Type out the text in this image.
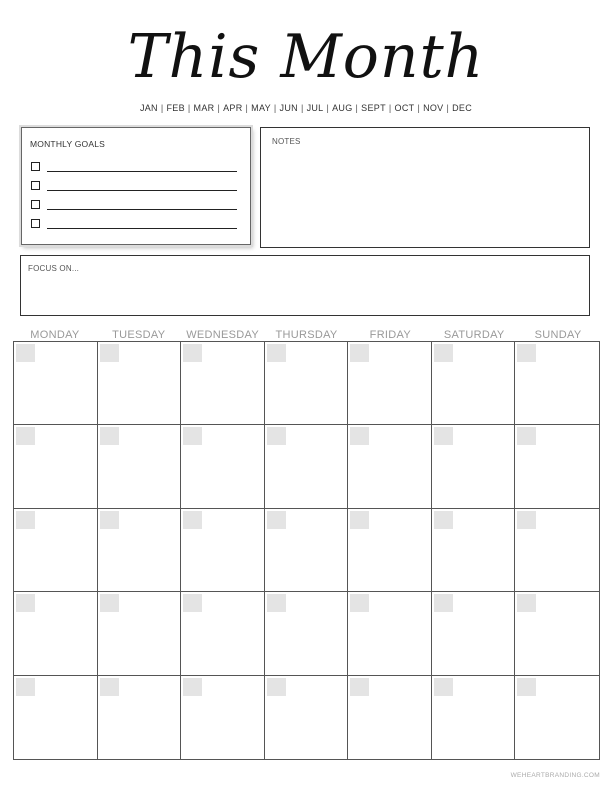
This Month
JAN | FEB | MAR | APR | MAY | JUN | JUL | AUG | SEPT | OCT | NOV | DEC
MONTHLY GOALS	NOTES
FOCUS ON...
MONDAY	TUESDAY	WEDNESDAY	THURSDAY	FRIDAY	SATURDAY	SUNDAY
WEHEARTBRANDING.COM
